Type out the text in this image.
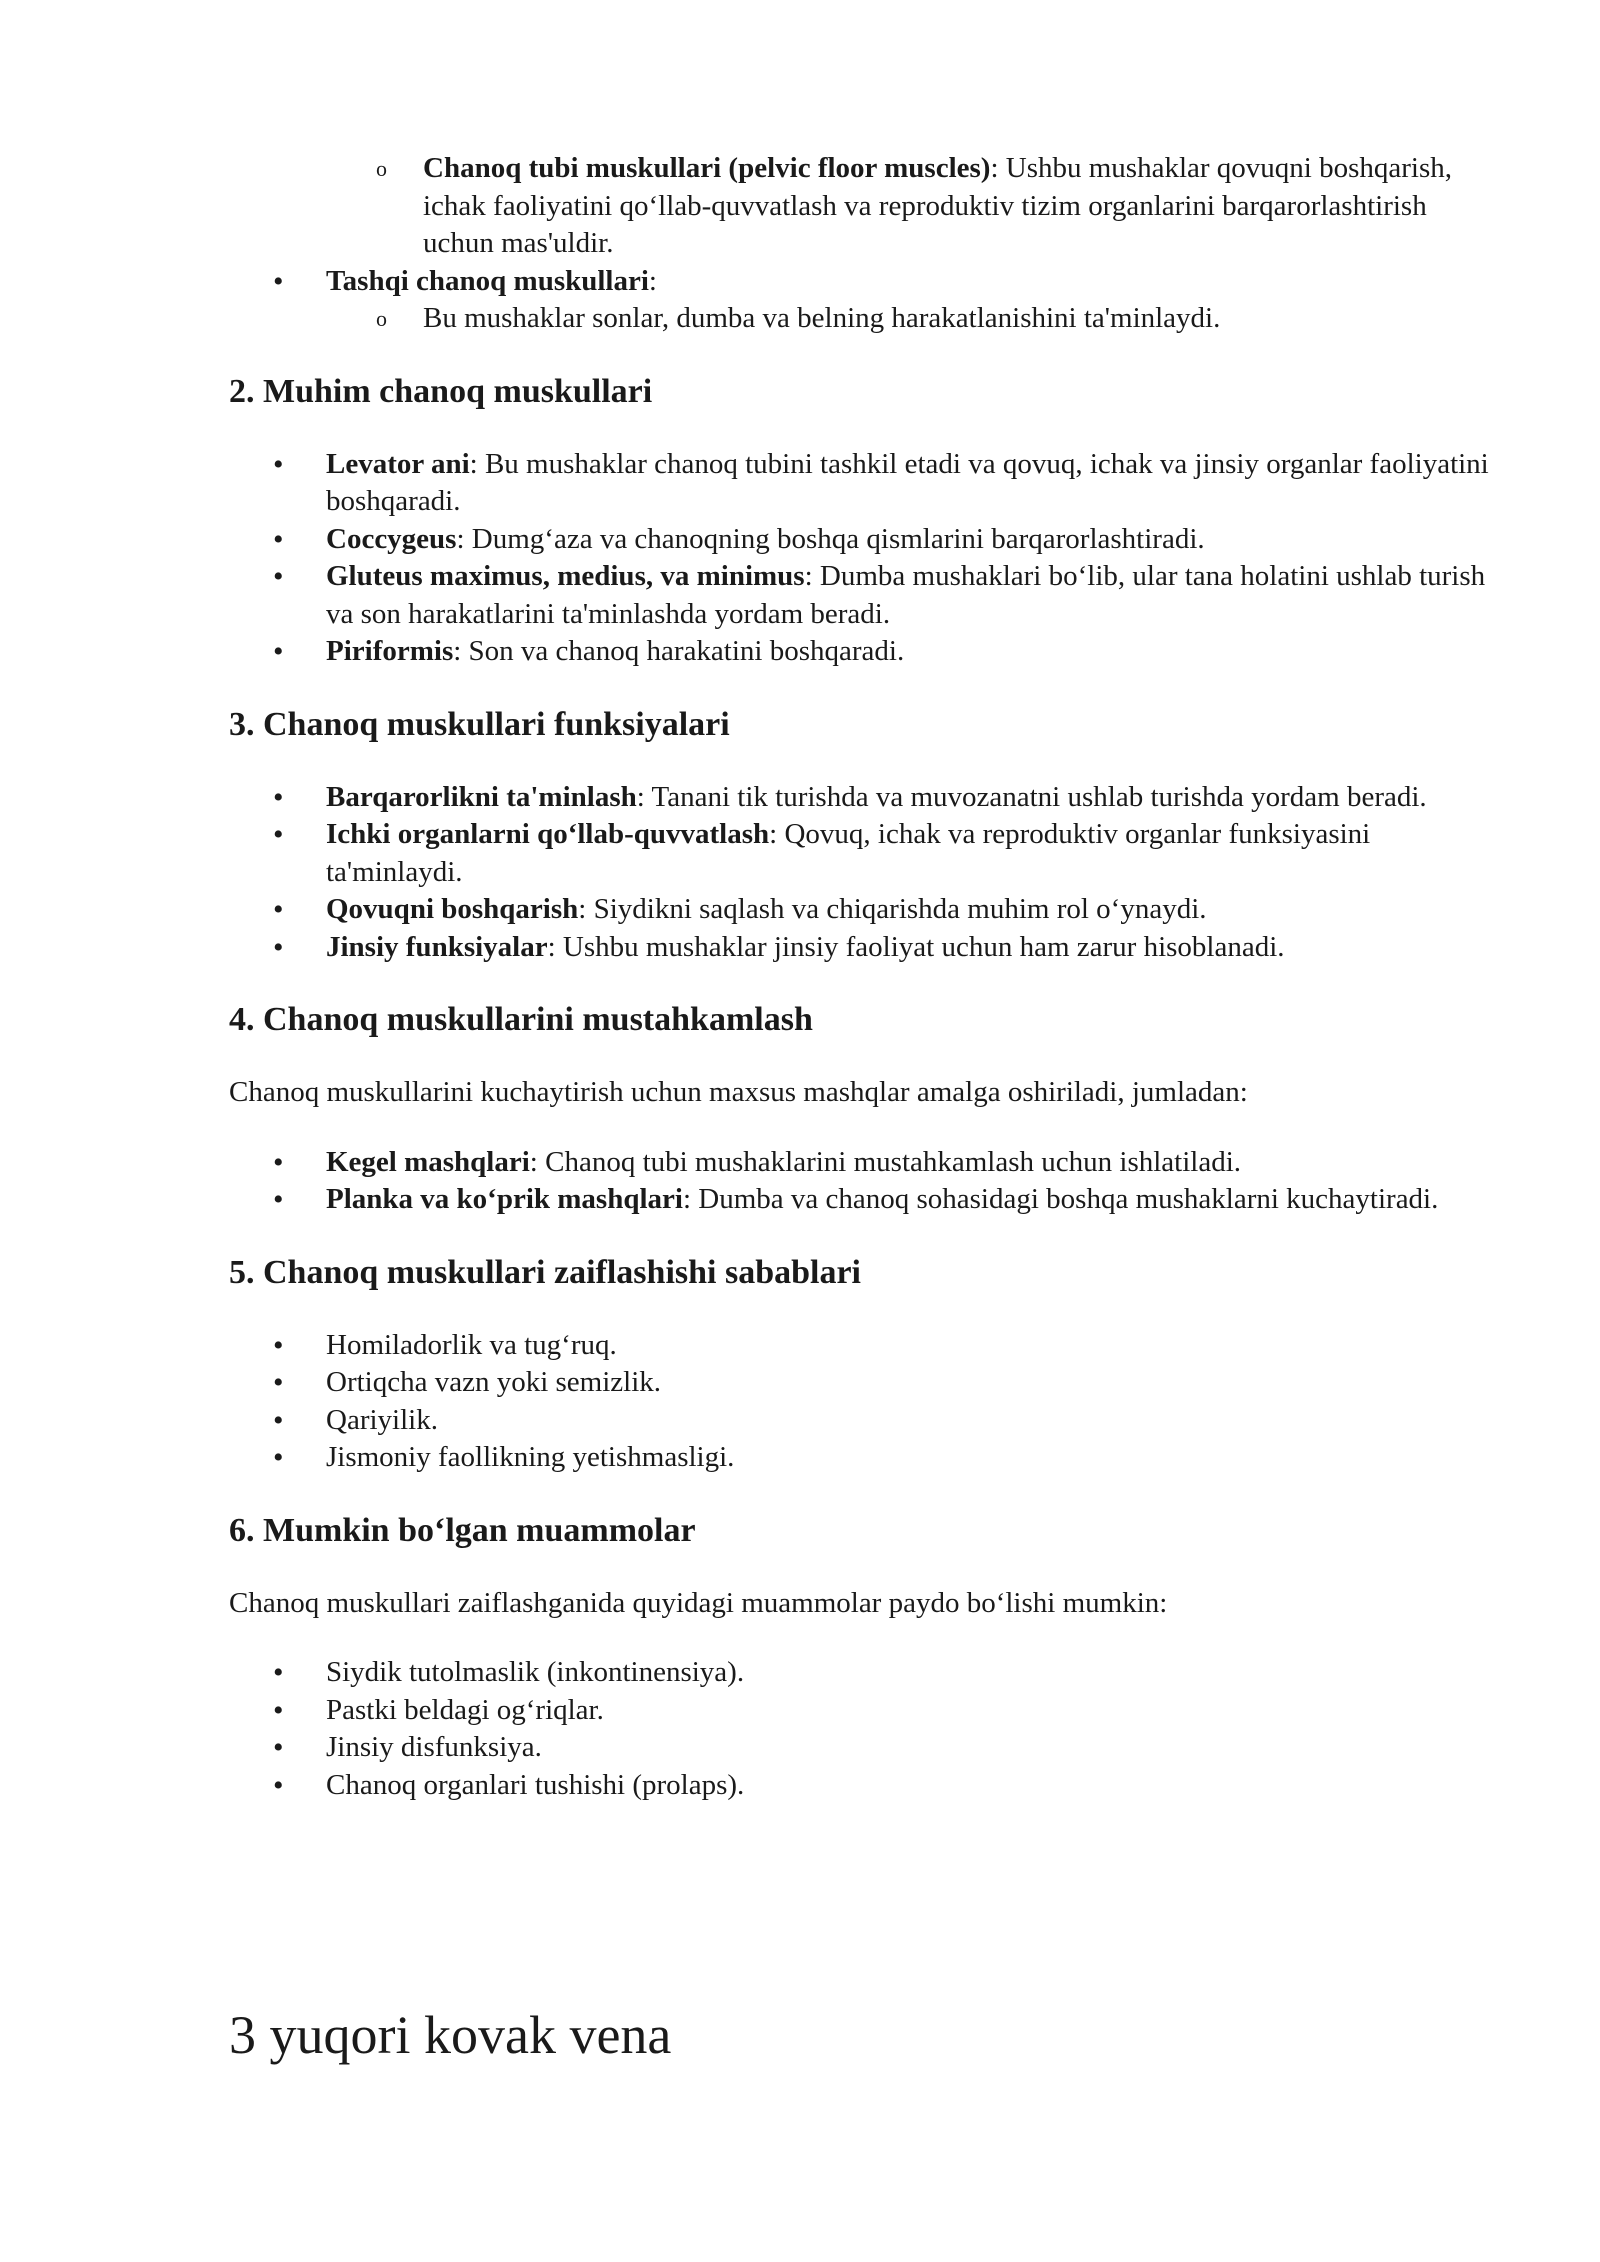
o Chanoq tubi muskullari (pelvic floor muscles): Ushbu mushaklar qovuqni boshqarish, ichak faoliyatini qo‘llab-quvvatlash va reproduktiv tizim organlarini barqarorlashtirish uchun mas'uldir.
• Tashqi chanoq muskullari:
o Bu mushaklar sonlar, dumba va belning harakatlanishini ta'minlaydi.
2. Muhim chanoq muskullari
• Levator ani: Bu mushaklar chanoq tubini tashkil etadi va qovuq, ichak va jinsiy organlar faoliyatini boshqaradi.
• Coccygeus: Dumg‘aza va chanoqning boshqa qismlarini barqarorlashtiradi.
• Gluteus maximus, medius, va minimus: Dumba mushaklari bo‘lib, ular tana holatini ushlab turish va son harakatlarini ta'minlashda yordam beradi.
• Piriformis: Son va chanoq harakatini boshqaradi.
3. Chanoq muskullari funksiyalari
• Barqarorlikni ta'minlash: Tanani tik turishda va muvozanatni ushlab turishda yordam beradi.
• Ichki organlarni qo‘llab-quvvatlash: Qovuq, ichak va reproduktiv organlar funksiyasini ta'minlaydi.
• Qovuqni boshqarish: Siydikni saqlash va chiqarishda muhim rol o‘ynaydi.
• Jinsiy funksiyalar: Ushbu mushaklar jinsiy faoliyat uchun ham zarur hisoblanadi.
4. Chanoq muskullarini mustahkamlash

Chanoq muskullarini kuchaytirish uchun maxsus mashqlar amalga oshiriladi, jumladan:

• Kegel mashqlari: Chanoq tubi mushaklarini mustahkamlash uchun ishlatiladi.
• Planka va ko‘prik mashqlari: Dumba va chanoq sohasidagi boshqa mushaklarni kuchaytiradi.
5. Chanoq muskullari zaiflashishi sabablari
• Homiladorlik va tug‘ruq.
• Ortiqcha vazn yoki semizlik.
• Qariyilik.
• Jismoniy faollikning yetishmasligi.
6. Mumkin bo‘lgan muammolar

Chanoq muskullari zaiflashganida quyidagi muammolar paydo bo‘lishi mumkin:

• Siydik tutolmaslik (inkontinensiya).
• Pastki beldagi og‘riqlar.
• Jinsiy disfunksiya.
• Chanoq organlari tushishi (prolaps).
3 yuqori kovak vena
